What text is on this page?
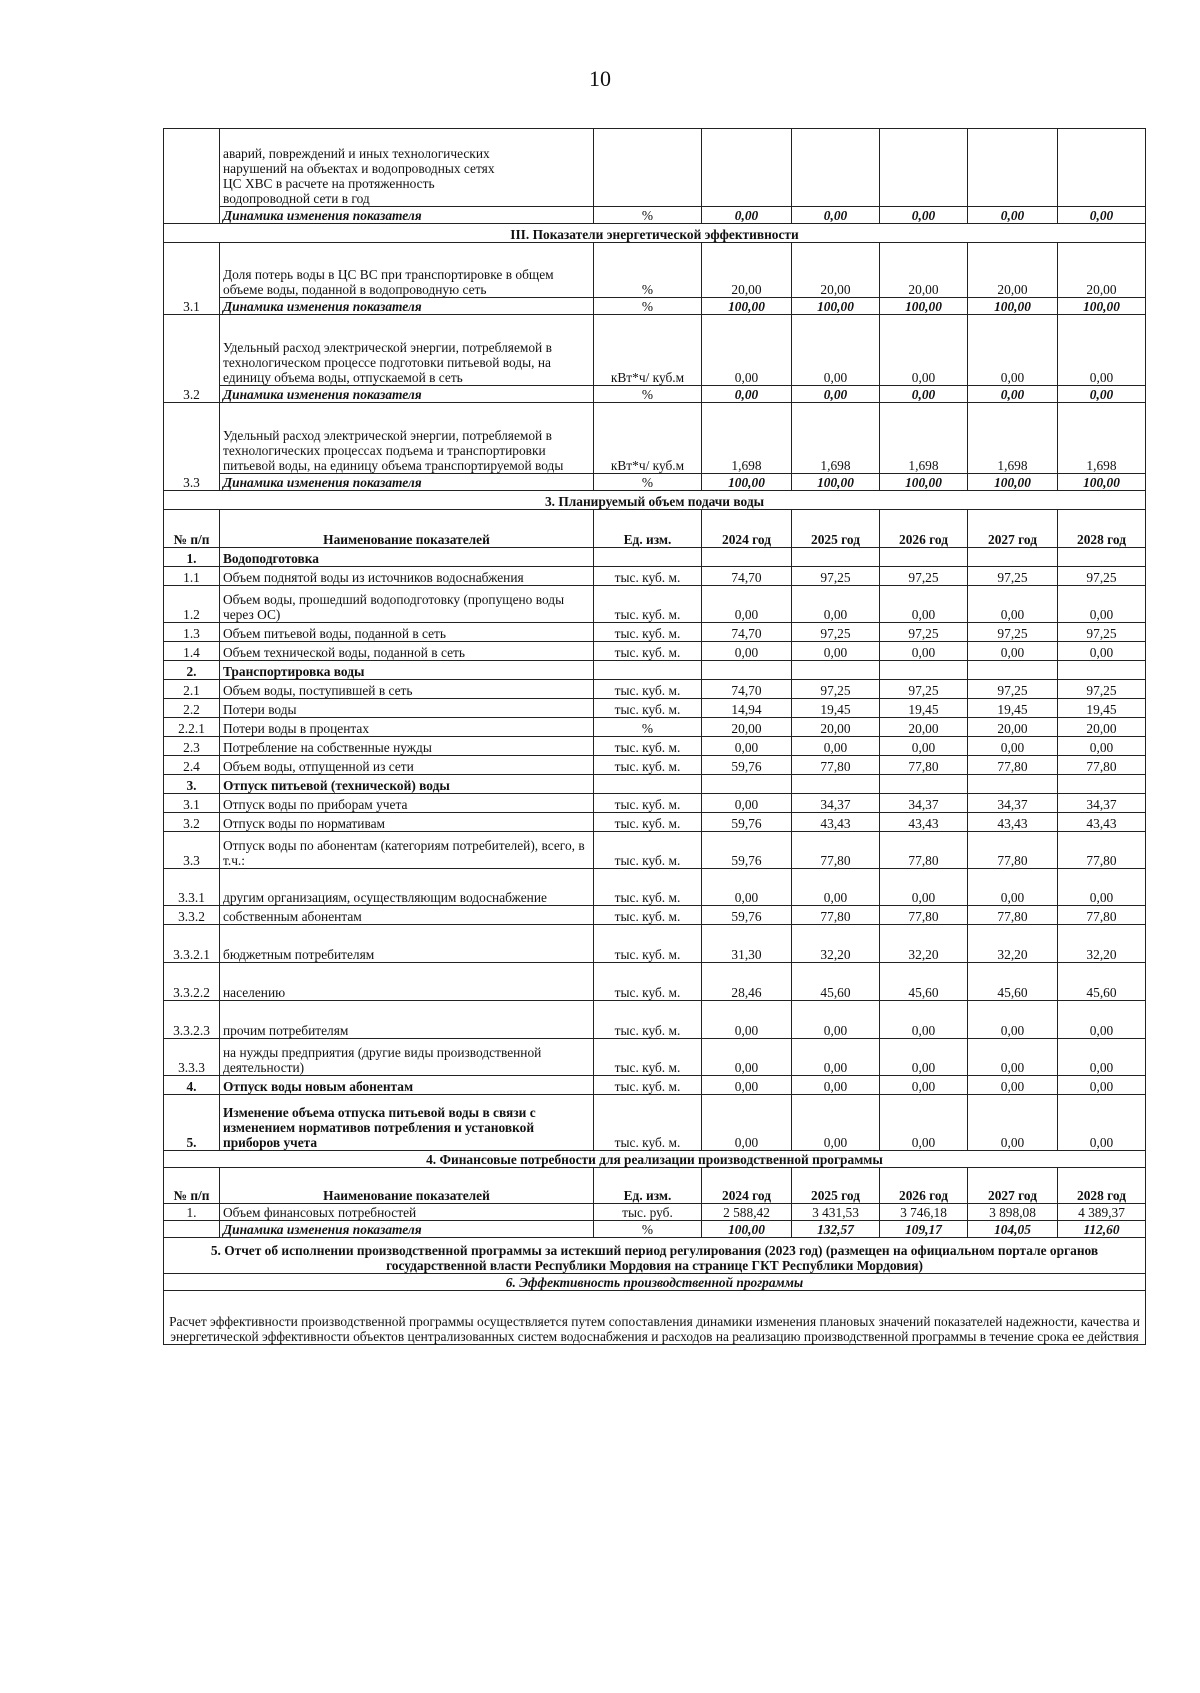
10

	аварий, повреждений и иных технологических
нарушений на объектах и водопроводных сетях
ЦС ХВС в расчете на протяженность
водопроводной сети в год						

	Динамика изменения показателя	%	0,00	0,00	0,00	0,00	0,00
III. Показатели энергетической эффективности							
3.1	Доля потерь воды в ЦС ВС при транспортировке в общем объеме воды, поданной в водопроводную сеть	%	20,00	20,00	20,00	20,00	20,00
	Динамика изменения показателя	%	100,00	100,00	100,00	100,00	100,00
3.2	Удельный расход электрической энергии, потребляемой в технологическом процессе подготовки питьевой воды, на единицу объема воды, отпускаемой в сеть	кВт*ч/ куб.м	0,00	0,00	0,00	0,00	0,00
	Динамика изменения показателя	%	0,00	0,00	0,00	0,00	0,00
3.3	Удельный расход электрической энергии, потребляемой в технологических процессах подъема и транспортировки питьевой воды, на единицу объема транспортируемой воды	кВт*ч/ куб.м	1,698	1,698	1,698	1,698	1,698
	Динамика изменения показателя	%	100,00	100,00	100,00	100,00	100,00
3. Планируемый объем подачи воды							
№ п/п	Наименование показателей	Ед. изм.	2024 год	2025 год	2026 год	2027 год	2028 год
1.	Водоподготовка						
1.1	Объем поднятой воды из источников водоснабжения	тыс. куб. м.	74,70	97,25	97,25	97,25	97,25
1.2	Объем воды, прошедший водоподготовку (пропущено воды через ОС)	тыс. куб. м.	0,00	0,00	0,00	0,00	0,00
1.3	Объем питьевой воды, поданной в сеть	тыс. куб. м.	74,70	97,25	97,25	97,25	97,25
1.4	Объем технической воды, поданной в сеть	тыс. куб. м.	0,00	0,00	0,00	0,00	0,00
2.	Транспортировка воды						
2.1	Объем воды, поступившей в сеть	тыс. куб. м.	74,70	97,25	97,25	97,25	97,25
2.2	Потери воды	тыс. куб. м.	14,94	19,45	19,45	19,45	19,45
2.2.1	Потери воды в процентах	%	20,00	20,00	20,00	20,00	20,00
2.3	Потребление на собственные нужды	тыс. куб. м.	0,00	0,00	0,00	0,00	0,00
2.4	Объем воды, отпущенной из сети	тыс. куб. м.	59,76	77,80	77,80	77,80	77,80
3.	Отпуск питьевой (технической) воды						
3.1	Отпуск воды по приборам учета	тыс. куб. м.	0,00	34,37	34,37	34,37	34,37
3.2	Отпуск воды по нормативам	тыс. куб. м.	59,76	43,43	43,43	43,43	43,43
3.3	Отпуск воды по абонентам (категориям потребителей), всего, в т.ч.:	тыс. куб. м.	59,76	77,80	77,80	77,80	77,80
3.3.1	другим организациям, осуществляющим водоснабжение	тыс. куб. м.	0,00	0,00	0,00	0,00	0,00
3.3.2	собственным абонентам	тыс. куб. м.	59,76	77,80	77,80	77,80	77,80
3.3.2.1	бюджетным потребителям	тыс. куб. м.	31,30	32,20	32,20	32,20	32,20
3.3.2.2	населению	тыс. куб. м.	28,46	45,60	45,60	45,60	45,60
3.3.2.3	прочим потребителям	тыс. куб. м.	0,00	0,00	0,00	0,00	0,00
3.3.3	на нужды предприятия (другие виды производственной деятельности)	тыс. куб. м.	0,00	0,00	0,00	0,00	0,00
4.	Отпуск воды новым абонентам	тыс. куб. м.	0,00	0,00	0,00	0,00	0,00
5.	Изменение объема отпуска питьевой воды в связи с изменением нормативов потребления и установкой приборов учета	тыс. куб. м.	0,00	0,00	0,00	0,00	0,00
4. Финансовые потребности для реализации производственной программы							
№ п/п	Наименование показателей	Ед. изм.	2024 год	2025 год	2026 год	2027 год	2028 год
1.	Объем финансовых потребностей	тыс. руб.	2 588,42	3 431,53	3 746,18	3 898,08	4 389,37
	Динамика изменения показателя	%	100,00	132,57	109,17	104,05	112,60
5. Отчет об исполнении производственной программы за истекший период регулирования (2023 год) (размещен на официальном портале органов государственной власти Республики Мордовия на странице ГКТ Республики Мордовия)							
6. Эффективность производственной программы							
Расчет эффективности производственной программы осуществляется путем сопоставления динамики изменения плановых значений показателей надежности, качества и энергетической эффективности объектов централизованных систем водоснабжения и расходов на реализацию производственной программы в течение срока ее действия							
